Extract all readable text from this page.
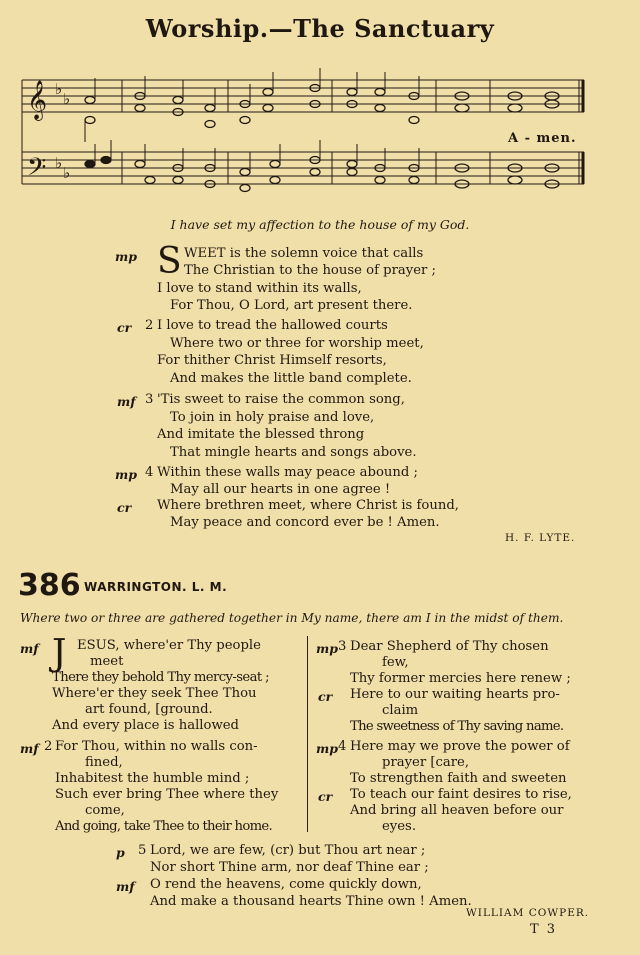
Worship.—The Sanctuary
𝄞
𝄢
♭
♭
♭
♭
A - men.
I have set my affection to the house of my God.
mp S WEET is the solemn voice that calls
The Christian to the house of prayer ;
I love to stand within its walls,
For Thou, O Lord, art present there.
cr 2 I love to tread the hallowed courts
Where two or three for worship meet,
For thither Christ Himself resorts,
And makes the little band complete.
mf 3 'Tis sweet to raise the common song,
To join in holy praise and love,
And imitate the blessed throng
That mingle hearts and songs above.
mp 4 Within these walls may peace abound ;
May all our hearts in one agree !
cr Where brethren meet, where Christ is found,
May peace and concord ever be ! Amen.
H. F. LYTE.
386 WARRINGTON. L. M.
Where two or three are gathered together in My name, there am I in the midst of them.
mf J ESUS, where'er Thy people
meet
There they behold Thy mercy-seat ;
Where'er they seek Thee Thou
art found, [ground.
And every place is hallowed
mf 2 For Thou, within no walls con-
fined,
Inhabitest the humble mind ;
Such ever bring Thee where they
come,
And going, take Thee to their home.
mp 3 Dear Shepherd of Thy chosen
few,
Thy former mercies here renew ;
cr Here to our waiting hearts pro-
claim
The sweetness of Thy saving name.
mp 4 Here may we prove the power of
prayer [care,
To strengthen faith and sweeten
cr To teach our faint desires to rise,
And bring all heaven before our
eyes.
p 5 Lord, we are few, (cr) but Thou art near ;
Nor short Thine arm, nor deaf Thine ear ;
mf O rend the heavens, come quickly down,
And make a thousand hearts Thine own ! Amen.
WILLIAM COWPER.
T 3
